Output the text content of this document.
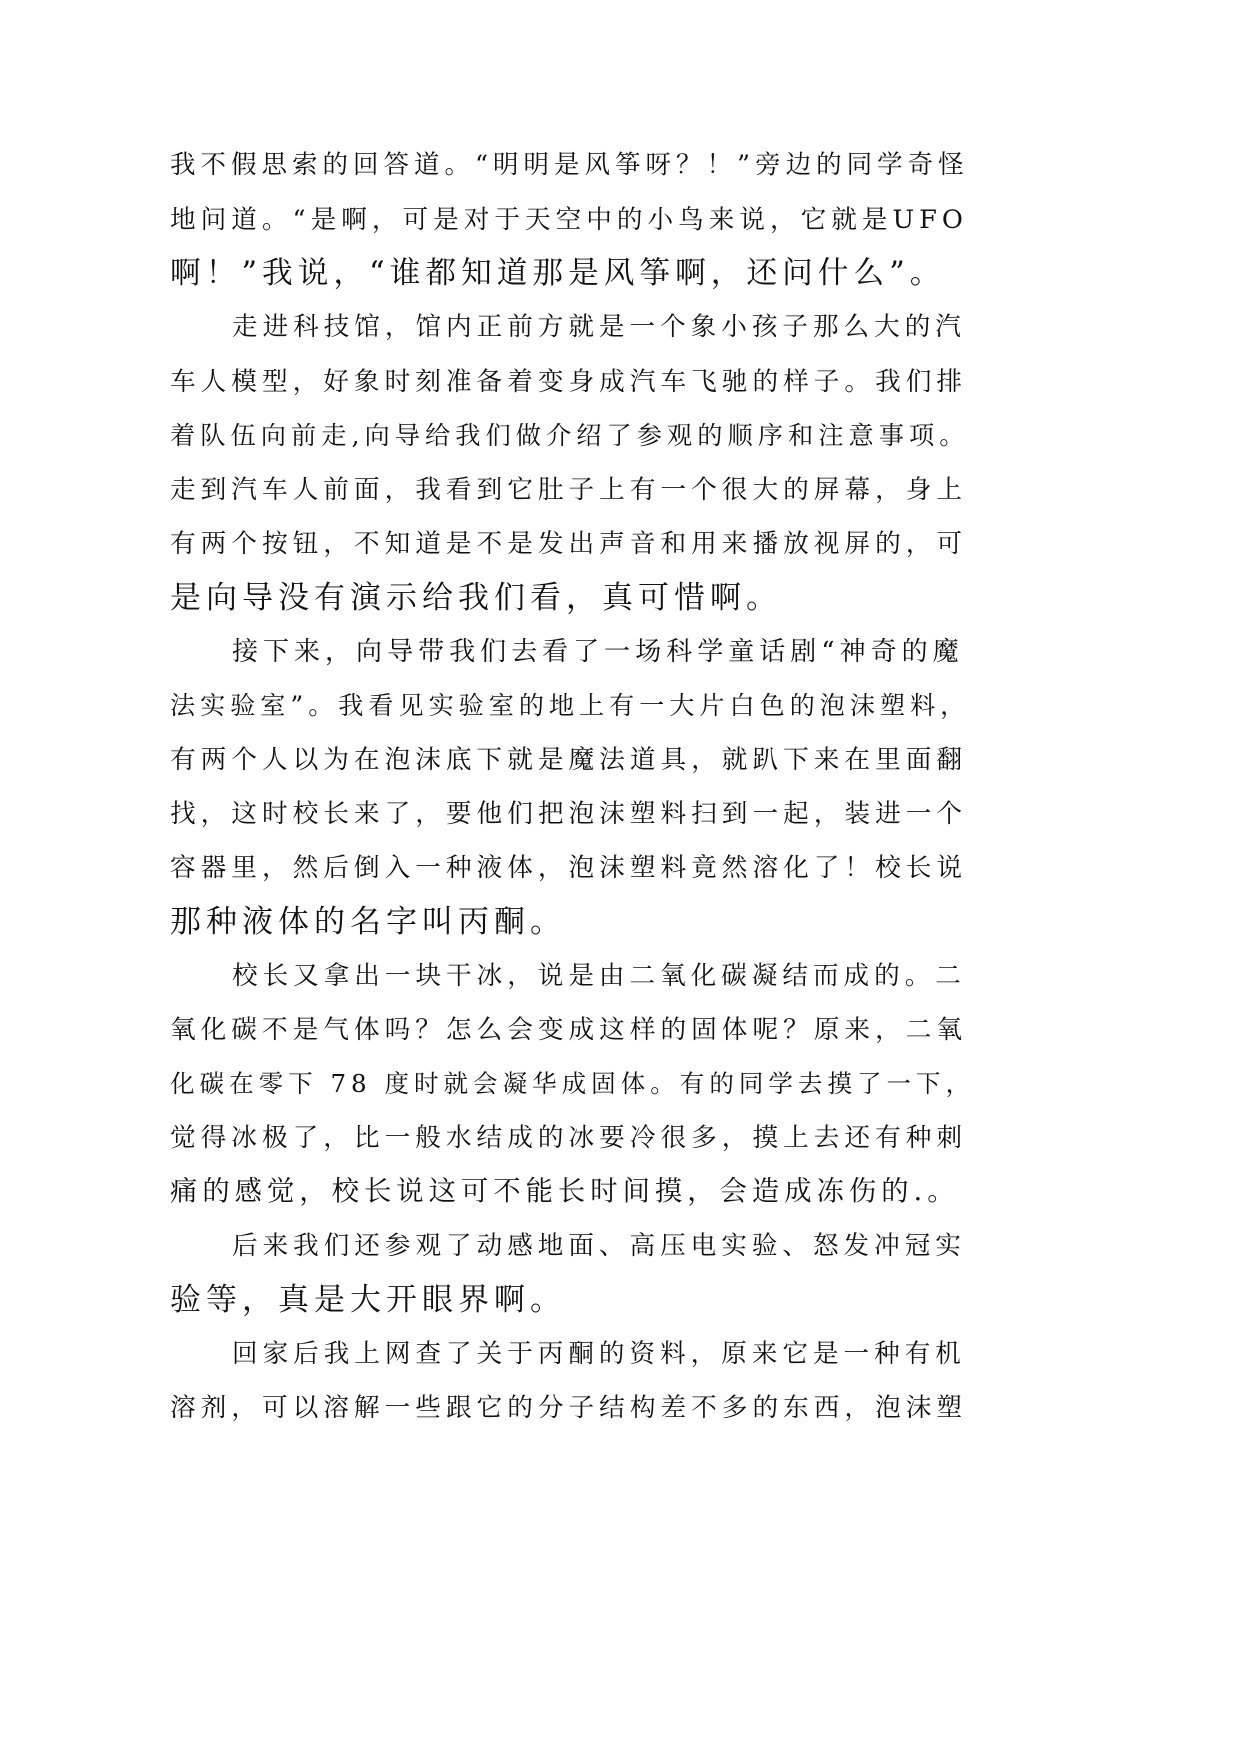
我不假思索的回答道。“明明是风筝呀？！”旁边的同学奇怪
地问道。“是啊，可是对于天空中的小鸟来说，它就是UFO
啊！”我说，“谁都知道那是风筝啊，还问什么”。
走进科技馆，馆内正前方就是一个象小孩子那么大的汽
车人模型，好象时刻准备着变身成汽车飞驰的样子。我们排
着队伍向前走,向导给我们做介绍了参观的顺序和注意事项。
走到汽车人前面，我看到它肚子上有一个很大的屏幕，身上
有两个按钮，不知道是不是发出声音和用来播放视屏的，可
是向导没有演示给我们看，真可惜啊。
接下来，向导带我们去看了一场科学童话剧“神奇的魔
法实验室”。我看见实验室的地上有一大片白色的泡沫塑料，
有两个人以为在泡沫底下就是魔法道具，就趴下来在里面翻
找，这时校长来了，要他们把泡沫塑料扫到一起，装进一个
容器里，然后倒入一种液体，泡沫塑料竟然溶化了！校长说
那种液体的名字叫丙酮。
校长又拿出一块干冰，说是由二氧化碳凝结而成的。二
氧化碳不是气体吗？怎么会变成这样的固体呢？原来，二氧
化碳在零下 78 度时就会凝华成固体。有的同学去摸了一下，
觉得冰极了，比一般水结成的冰要冷很多，摸上去还有种刺
痛的感觉，校长说这可不能长时间摸，会造成冻伤的.。
后来我们还参观了动感地面、高压电实验、怒发冲冠实
验等，真是大开眼界啊。
回家后我上网查了关于丙酮的资料，原来它是一种有机
溶剂，可以溶解一些跟它的分子结构差不多的东西，泡沫塑
